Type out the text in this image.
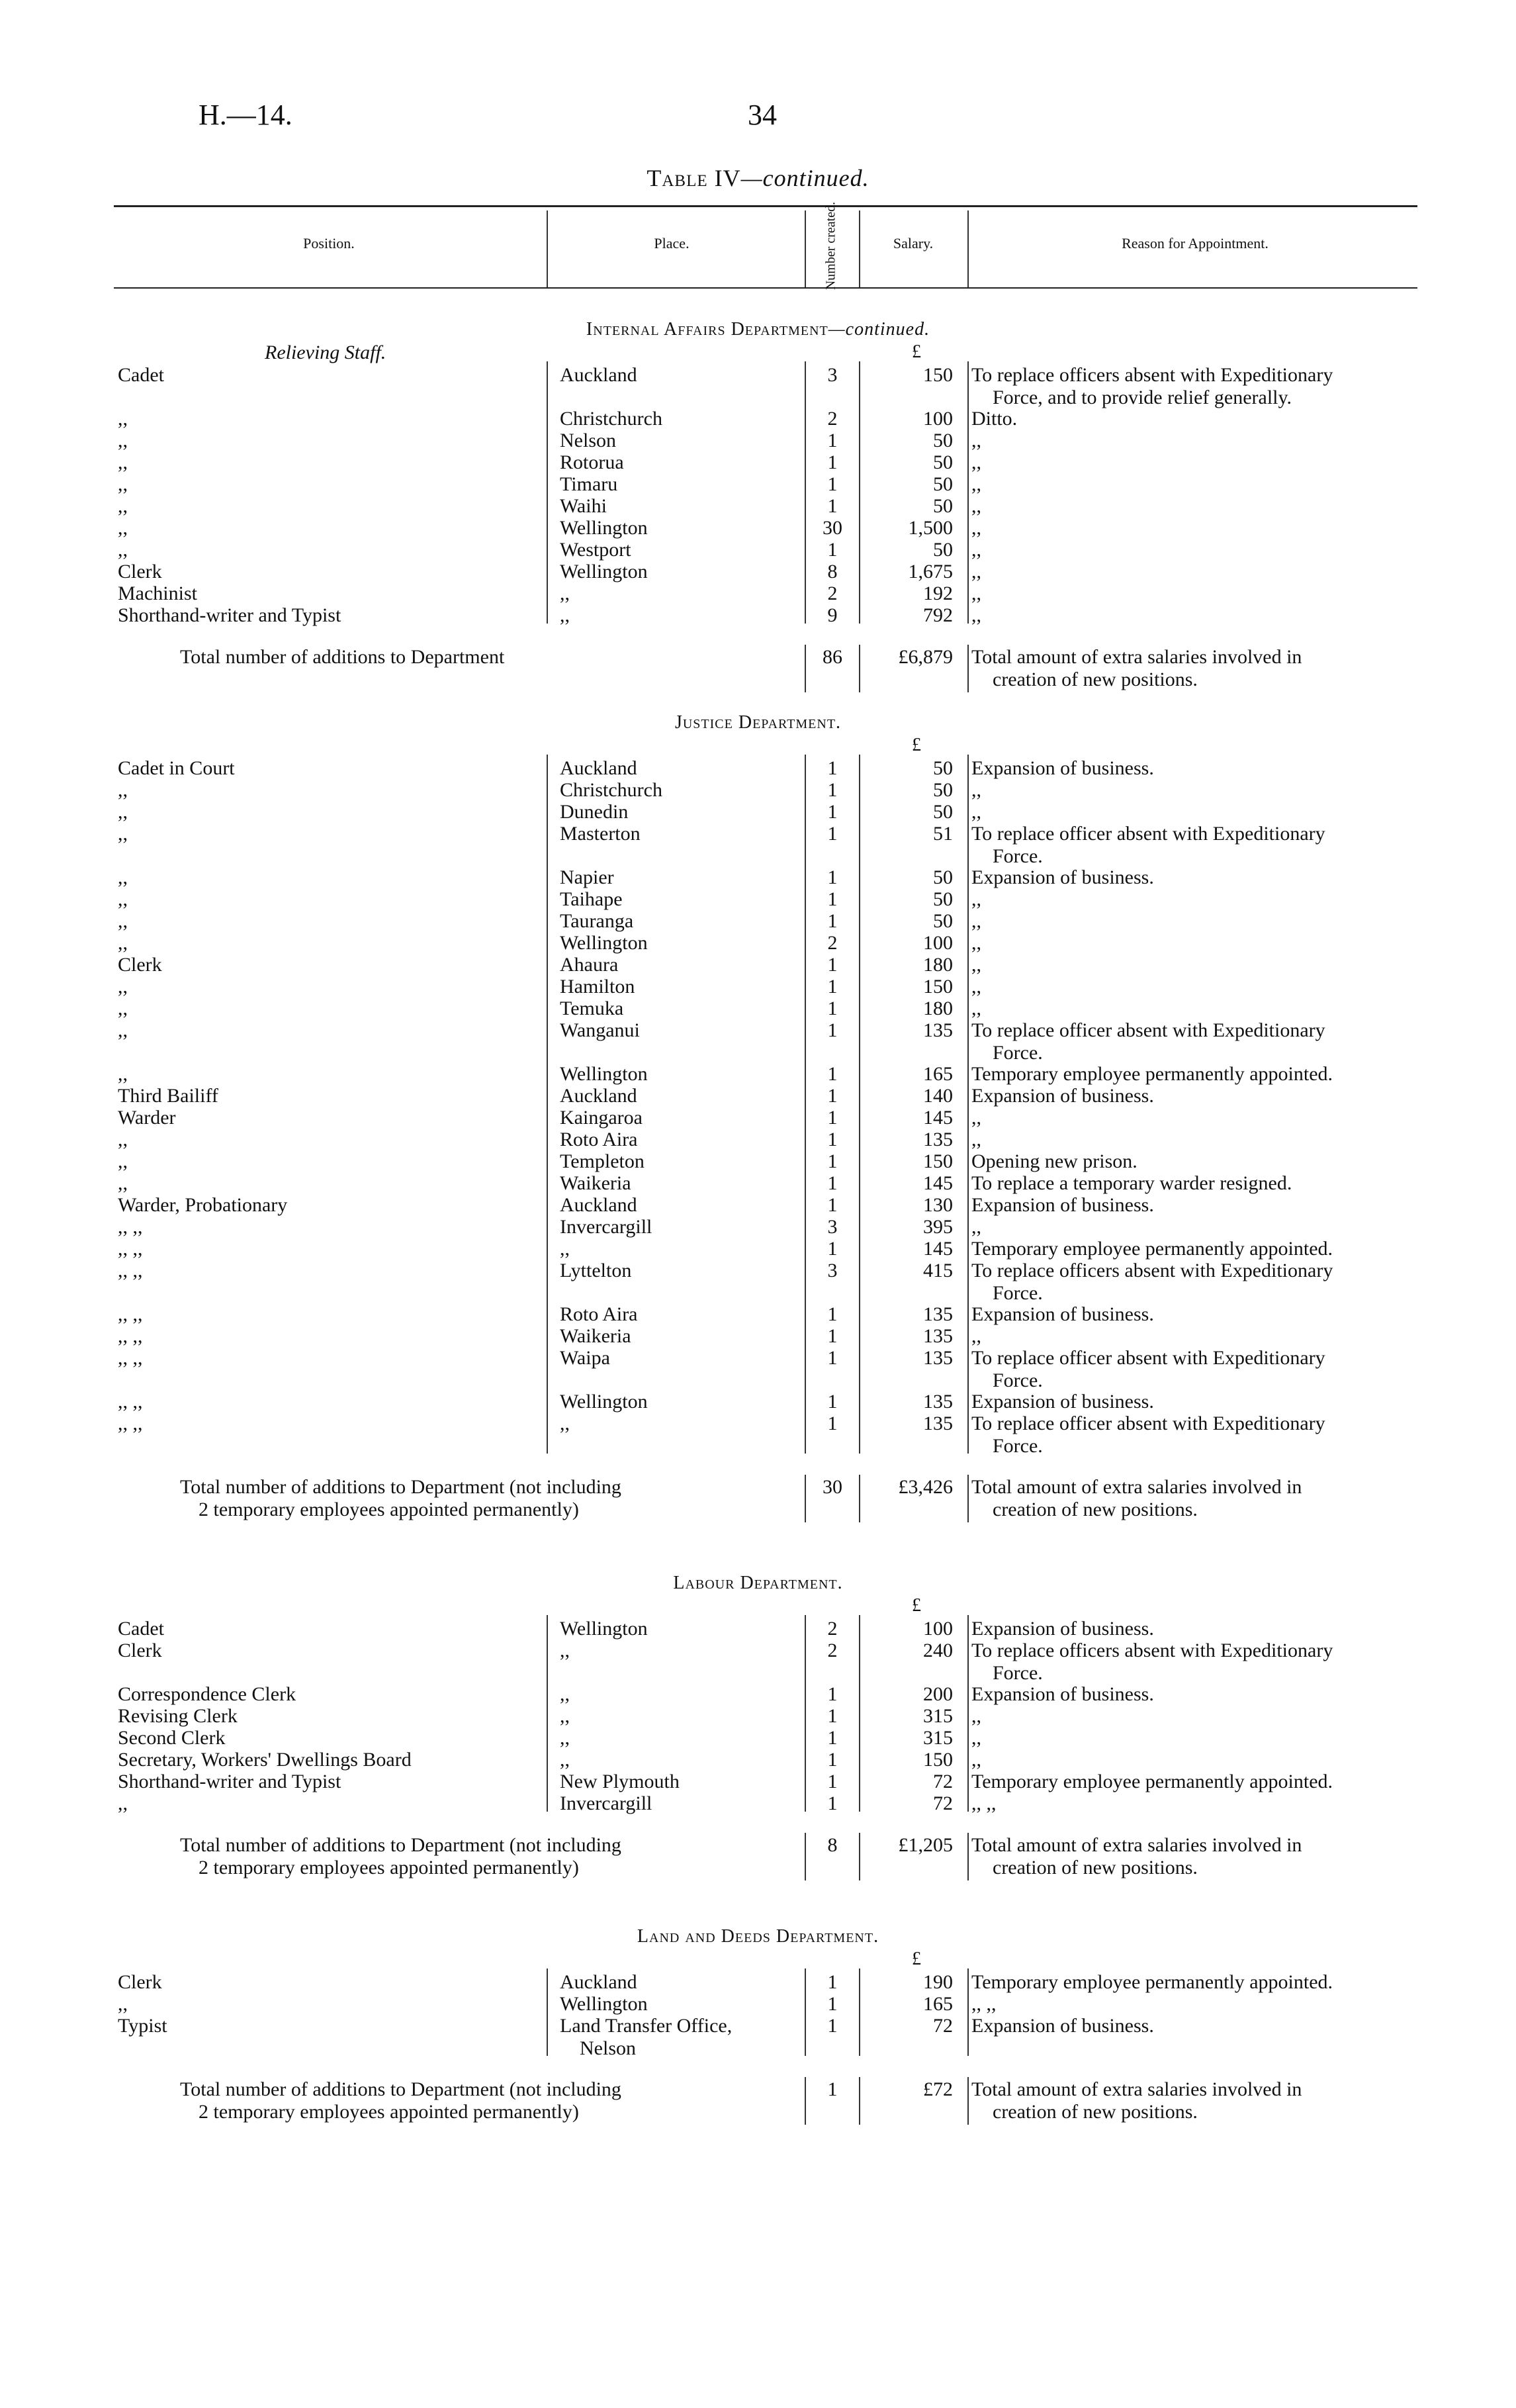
H.—14.	34
Table IV—continued.
Position.	Place.	Number created.	Salary.	Reason for Appointment.
Internal Affairs Department—continued.
Relieving Staff.	£
Cadet	Auckland	3	150 To replace officers absent with Expeditionary
Force, and to provide relief generally.
,,	Christchurch	2	100 Ditto.
,,	Nelson	1	50 ,,
,,	Rotorua	1	50 ,,
,,	Timaru	1	50 ,,
,,	Waihi	1	50 ,,
,,	Wellington	30	1,500 ,,
,,	Westport	1	50 ,,
Clerk	Wellington	8	1,675 ,,
Machinist	,,	2	192 ,,
Shorthand-writer and Typist	,,	9	792 ,,
Total number of additions to Department	86	£6,879 Total amount of extra salaries involved in
creation of new positions.
Justice Department.
£
Cadet in Court	Auckland	1	50 Expansion of business.
,,	Christchurch	1	50 ,,
,,	Dunedin	1	50 ,,
,,	Masterton	1	51 To replace officer absent with Expeditionary
Force.
,,	Napier	1	50 Expansion of business.
,,	Taihape	1	50 ,,
,,	Tauranga	1	50 ,,
,,	Wellington	2	100 ,,
Clerk	Ahaura	1	180 ,,
,,	Hamilton	1	150 ,,
,,	Temuka	1	180 ,,
,,	Wanganui	1	135 To replace officer absent with Expeditionary
Force.
,,	Wellington	1	165 Temporary employee permanently appointed.
Third Bailiff	Auckland	1	140 Expansion of business.
Warder	Kaingaroa	1	145 ,,
,,	Roto Aira	1	135 ,,
,,	Templeton	1	150 Opening new prison.
,,	Waikeria	1	145 To replace a temporary warder resigned.
Warder, Probationary	Auckland	1	130 Expansion of business.
,, ,,	Invercargill	3	395 ,,
,, ,,	,,	1	145 Temporary employee permanently appointed.
,, ,,	Lyttelton	3	415 To replace officers absent with Expeditionary
Force.
,, ,,	Roto Aira	1	135 Expansion of business.
,, ,,	Waikeria	1	135 ,,
,, ,,	Waipa	1	135 To replace officer absent with Expeditionary
Force.
,, ,,	Wellington	1	135 Expansion of business.
,, ,,	,,	1	135 To replace officer absent with Expeditionary
Force.
Total number of additions to Department (not including
2 temporary employees appointed permanently)
30	£3,426 Total amount of extra salaries involved in
creation of new positions.
Labour Department.
£
Cadet	Wellington	2	100 Expansion of business.
Clerk	,,	2	240 To replace officers absent with Expeditionary
Force.
Correspondence Clerk	,,	1	200 Expansion of business.
Revising Clerk	,,	1	315 ,,
Second Clerk	,,	1	315 ,,
Secretary, Workers' Dwellings Board	,,	1	150 ,,
Shorthand-writer and Typist	New Plymouth	1	72 Temporary employee permanently appointed.
,,	Invercargill	1	72 ,, ,,
Total number of additions to Department (not including
2 temporary employees appointed permanently)
8	£1,205 Total amount of extra salaries involved in
creation of new positions.
Land and Deeds Department.
£
Clerk	Auckland	1	190 Temporary employee permanently appointed.
,,	Wellington	1	165 ,, ,,
Typist	Land Transfer Office,	1	72 Expansion of business.
Nelson
Total number of additions to Department (not including
2 temporary employees appointed permanently)
1	£72 Total amount of extra salaries involved in
creation of new positions.
